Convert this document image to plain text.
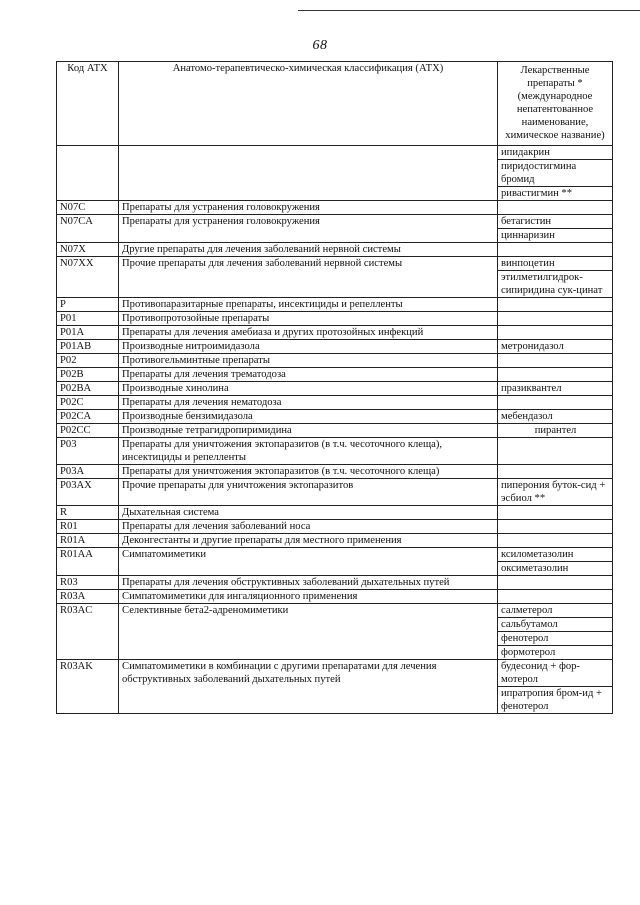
68
Код АТХ	Анатомо-терапевтическо-химическая классификация (АТХ)	Лекарственные препараты * (международное непатентованное наименование, химическое название)
		ипидакрин
		пиридостигмина бромид
		ривастигмин **
N07C	Препараты для устранения головокружения	
N07CA	Препараты для устранения головокружения	бетагистин
		циннаризин
N07X	Другие препараты для лечения заболеваний нервной системы	
N07XX	Прочие препараты для лечения заболеваний нервной системы	винпоцетин
		этилметилгидрок-сипиридина сук-цинат
P	Противопаразитарные препараты, инсектициды и репелленты	
P01	Противопротозойные препараты	
P01A	Препараты для лечения амебиаза и других протозойных инфекций	
P01AB	Производные нитроимидазола	метронидазол
P02	Противогельминтные препараты	
P02B	Препараты для лечения трематодоза	
P02BA	Производные хинолина	празиквантел
P02C	Препараты для лечения нематодоза	
P02CA	Производные бензимидазола	мебендазол
P02CC	Производные тетрагидропиримидина	пирантел
P03	Препараты для уничтожения эктопаразитов (в т.ч. чесоточного клеща), инсектициды и репелленты	
P03A	Препараты для уничтожения эктопаразитов (в т.ч. чесоточного клеща)	
P03AX	Прочие препараты для уничтожения эктопаразитов	пиперония буток-сид + эсбиол **
R	Дыхательная система	
R01	Препараты для лечения заболеваний носа	
R01A	Деконгестанты и другие препараты для местного применения	
R01AA	Симпатомиметики	ксилометазолин
		оксиметазолин
R03	Препараты для лечения обструктивных заболеваний дыхательных путей	
R03A	Симпатомиметики для ингаляционного применения	
R03AC	Селективные бета2-адреномиметики	салметерол
		сальбутамол
		фенотерол
		формотерол
R03AK	Симпатомиметики в комбинации с другими препаратами для лечения обструктивных заболеваний дыхательных путей	будесонид + фор-мотерол
		ипратропия бром-ид + фенотерол
